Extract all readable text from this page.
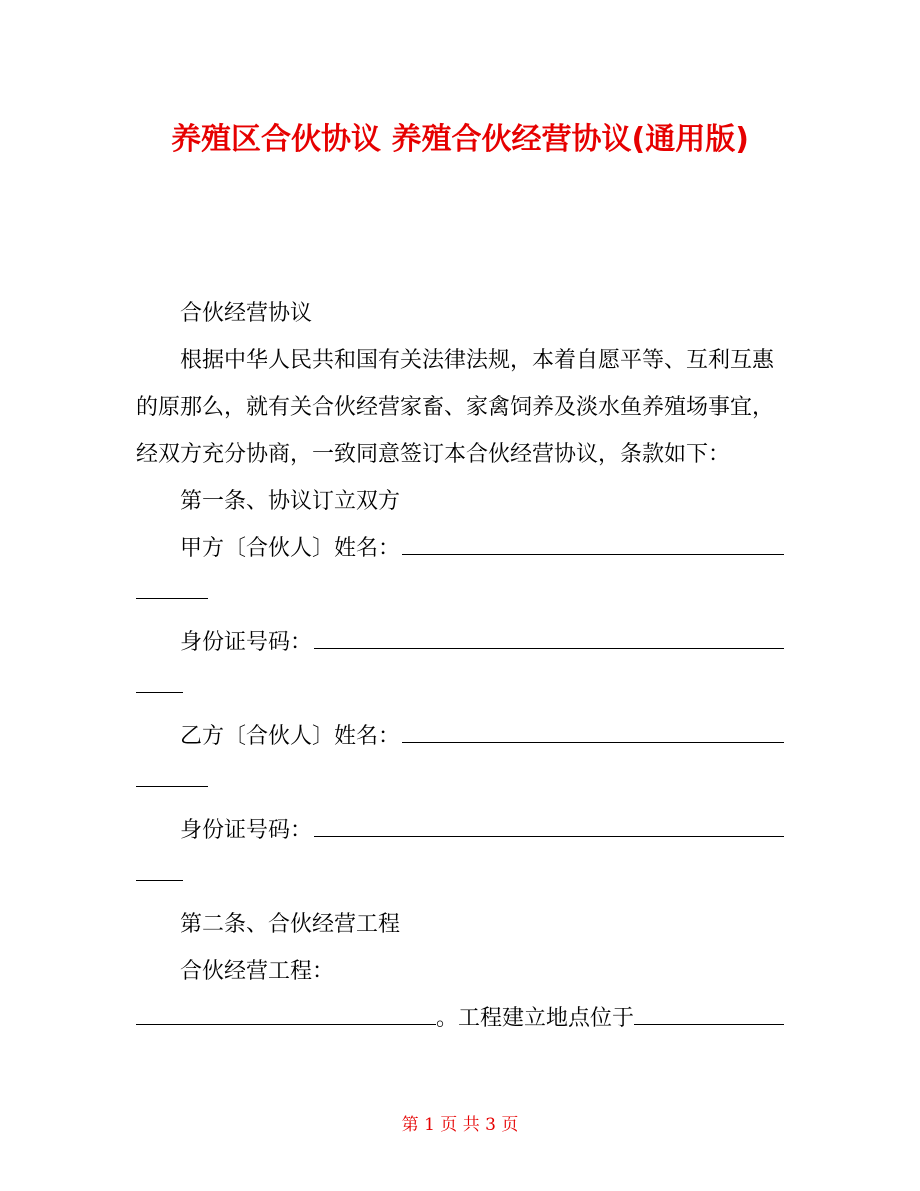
养殖区合伙协议 养殖合伙经营协议(通用版)

合伙经营协议

根据中华人民共和国有关法律法规，本着自愿平等、互利互惠的原那么，就有关合伙经营家畜、家禽饲养及淡水鱼养殖场事宜，经双方充分协商，一致同意签订本合伙经营协议，条款如下：

第一条、协议订立双方

甲方〔合伙人〕姓名：
身份证号码：
乙方〔合伙人〕姓名：
身份证号码：

第二条、合伙经营工程

合伙经营工程：

。工程建立地点位于
第 1 页 共 3 页
